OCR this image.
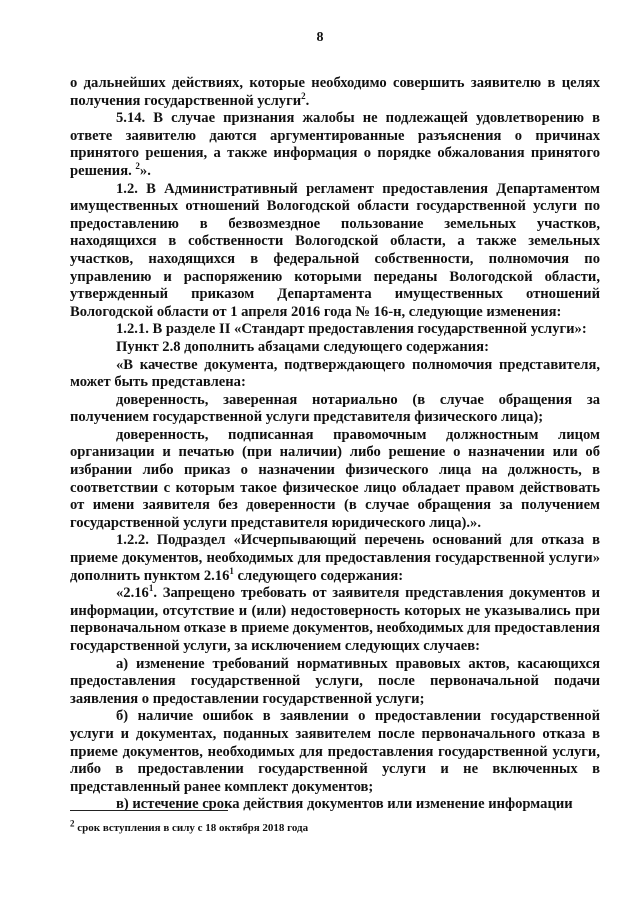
8

о дальнейших действиях, которые необходимо совершить заявителю в целях получения государственной услуги$^2$.

5.14. В случае признания жалобы не подлежащей удовлетворению в ответе заявителю даются аргументированные разъяснения о причинах принятого решения, а также информация о порядке обжалования принятого решения. $^2$».

1.2. В Административный регламент предоставления Департаментом имущественных отношений Вологодской области государственной услуги по предоставлению в безвозмездное пользование земельных участков, находящихся в собственности Вологодской области, а также земельных участков, находящихся в федеральной собственности, полномочия по управлению и распоряжению которыми переданы Вологодской области, утвержденный приказом Департамента имущественных отношений Вологодской области от 1 апреля 2016 года № 16-н, следующие изменения:

1.2.1. В разделе II «Стандарт предоставления государственной услуги»:

Пункт 2.8 дополнить абзацами следующего содержания:

«В качестве документа, подтверждающего полномочия представителя, может быть представлена:

доверенность, заверенная нотариально (в случае обращения за получением государственной услуги представителя физического лица);

доверенность, подписанная правомочным должностным лицом организации и печатью (при наличии) либо решение о назначении или об избрании либо приказ о назначении физического лица на должность, в соответствии с которым такое физическое лицо обладает правом действовать от имени заявителя без доверенности (в случае обращения за получением государственной услуги представителя юридического лица).».

1.2.2. Подраздел «Исчерпывающий перечень оснований для отказа в приеме документов, необходимых для предоставления государственной услуги» дополнить пунктом 2.16$^1$ следующего содержания:

«2.16$^1$. Запрещено требовать от заявителя представления документов и информации, отсутствие и (или) недостоверность которых не указывались при первоначальном отказе в приеме документов, необходимых для предоставления государственной услуги, за исключением следующих случаев:

а) изменение требований нормативных правовых актов, касающихся предоставления государственной услуги, после первоначальной подачи заявления о предоставлении государственной услуги;

б) наличие ошибок в заявлении о предоставлении государственной услуги и документах, поданных заявителем после первоначального отказа в приеме документов, необходимых для предоставления государственной услуги, либо в предоставлении государственной услуги и не включенных в представленный ранее комплект документов;

в) истечение срока действия документов или изменение информации

$^2$ срок вступления в силу с 18 октября 2018 года
